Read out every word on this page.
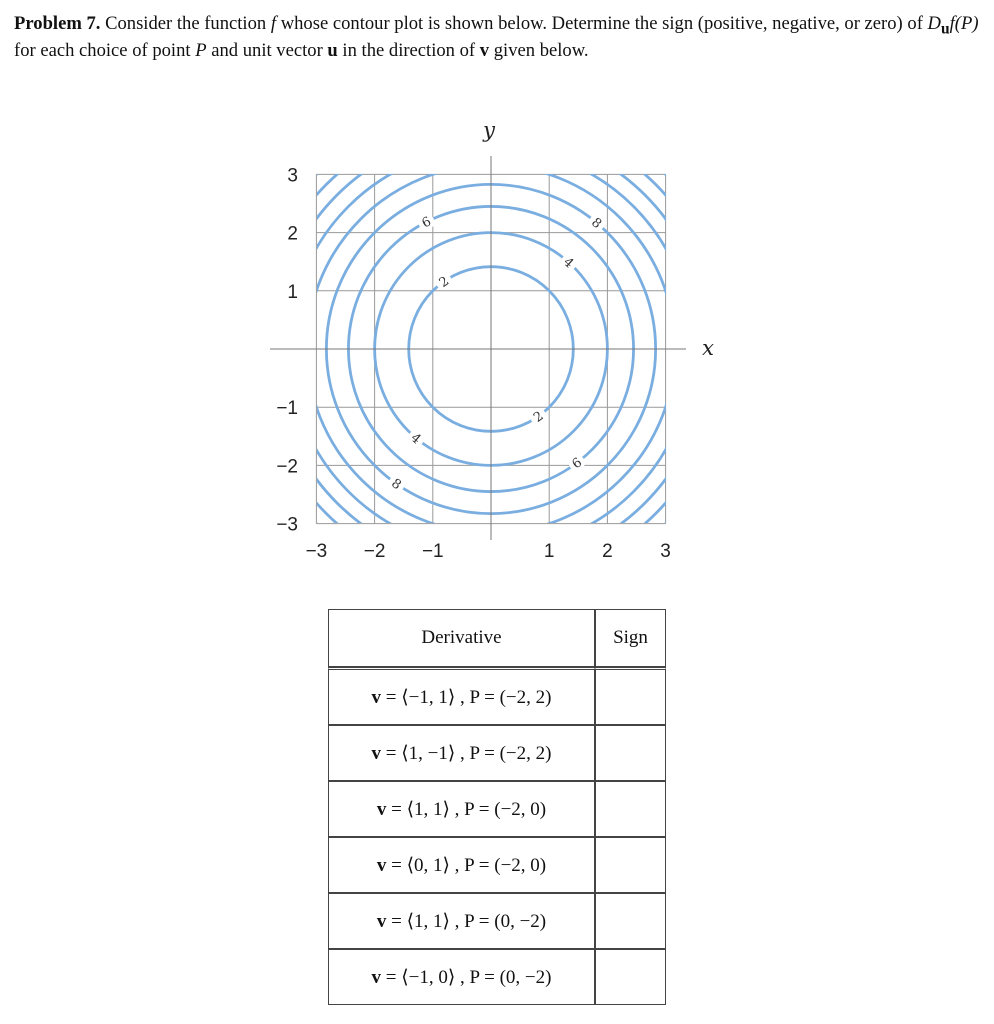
Problem 7. Consider the function f whose contour plot is shown below. Determine the sign (positive, negative, or zero) of $D_uf(P)$ for each choice of point P and unit vector u in the direction of v given below.

−3 −2 −1	1	2	3
3
2
1
−1
−2
−3
2
2
4
4
6
6
8
8
y
x
Derivative	Sign
v = ⟨−1, 1⟩ , P = (−2, 2)	
v = ⟨1, −1⟩ , P = (−2, 2)	
v = ⟨1, 1⟩ , P = (−2, 0)	
v = ⟨0, 1⟩ , P = (−2, 0)	
v = ⟨1, 1⟩ , P = (0, −2)	
v = ⟨−1, 0⟩ , P = (0, −2)	
